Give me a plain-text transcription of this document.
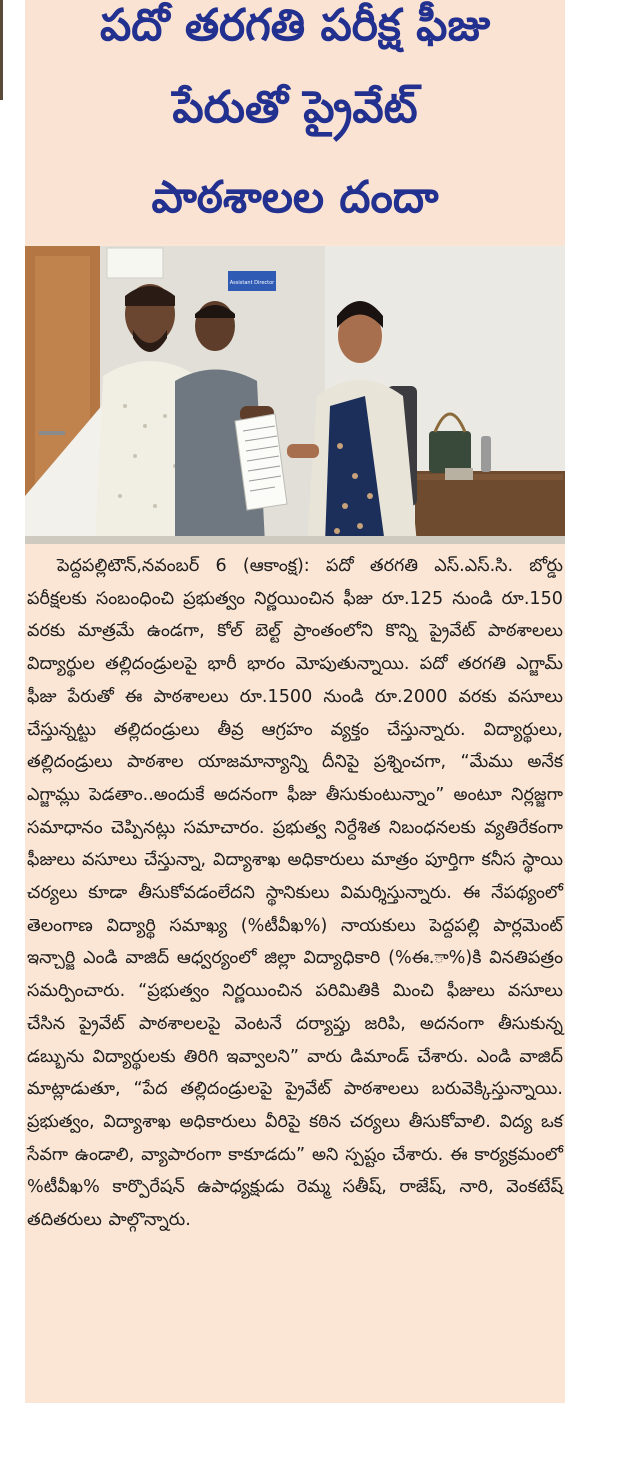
పదో తరగతి పరీక్ష ఫీజు
పేరుతో ప్రైవేట్
పాఠశాలల దందా
Assistant Director

పెద్దపల్లిటౌన్,నవంబర్ 6 (ఆకాంక్ష): పదో తరగతి ఎస్.ఎస్.సి. బోర్డు పరీక్షలకు సంబంధించి ప్రభుత్వం నిర్ణయించిన ఫీజు రూ.125 నుండి రూ.150 వరకు మాత్రమే ఉండగా, కోల్ బెల్ట్ ప్రాంతంలోని కొన్ని ప్రైవేట్ పాఠశాలలు విద్యార్థుల తల్లిదండ్రులపై భారీ భారం మోపుతున్నాయి. పదో తరగతి ఎగ్జామ్ ఫీజు పేరుతో ఈ పాఠశాలలు రూ.1500 నుండి రూ.2000 వరకు వసూలు చేస్తున్నట్టు తల్లిదండ్రులు తీవ్ర ఆగ్రహం వ్యక్తం చేస్తున్నారు. విద్యార్థులు, తల్లిదండ్రులు పాఠశాల యాజమాన్యాన్ని దీనిపై ప్రశ్నించగా, “మేము అనేక ఎగ్జామ్లు పెడతాం..అందుకే అదనంగా ఫీజు తీసుకుంటున్నాం” అంటూ నిర్లజ్జగా సమాధానం చెప్పినట్లు సమాచారం. ప్రభుత్వ నిర్దేశిత నిబంధనలకు వ్యతిరేకంగా ఫీజులు వసూలు చేస్తున్నా, విద్యాశాఖ అధికారులు మాత్రం పూర్తిగా కనీస స్థాయి చర్యలు కూడా తీసుకోవడంలేదని స్థానికులు విమర్శిస్తున్నారు. ఈ నేపథ్యంలో తెలంగాణ విద్యార్థి సమాఖ్య (%టీవీఖ%) నాయకులు పెద్దపల్లి పార్లమెంట్ ఇన్చార్జి ఎండి వాజిద్ ఆధ్వర్యంలో జిల్లా విద్యాధికారి (%ఈ.ా%)కి వినతిపత్రం సమర్పించారు. “ప్రభుత్వం నిర్ణయించిన పరిమితికి మించి ఫీజులు వసూలు చేసిన ప్రైవేట్ పాఠశాలలపై వెంటనే దర్యాప్తు జరిపి, అదనంగా తీసుకున్న డబ్బును విద్యార్థులకు తిరిగి ఇవ్వాలని” వారు డిమాండ్ చేశారు. ఎండి వాజిద్ మాట్లాడుతూ, “పేద తల్లిదండ్రులపై ప్రైవేట్ పాఠశాలలు బరువెక్కిస్తున్నాయి. ప్రభుత్వం, విద్యాశాఖ అధికారులు వీరిపై కఠిన చర్యలు తీసుకోవాలి. విద్య ఒక సేవగా ఉండాలి, వ్యాపారంగా కాకూడదు” అని స్పష్టం చేశారు. ఈ కార్యక్రమంలో %టీవీఖ% కార్పొరేషన్ ఉపాధ్యక్షుడు రెమ్మ సతీష్, రాజేష్, నారి, వెంకటేష్ తదితరులు పాల్గొన్నారు.
